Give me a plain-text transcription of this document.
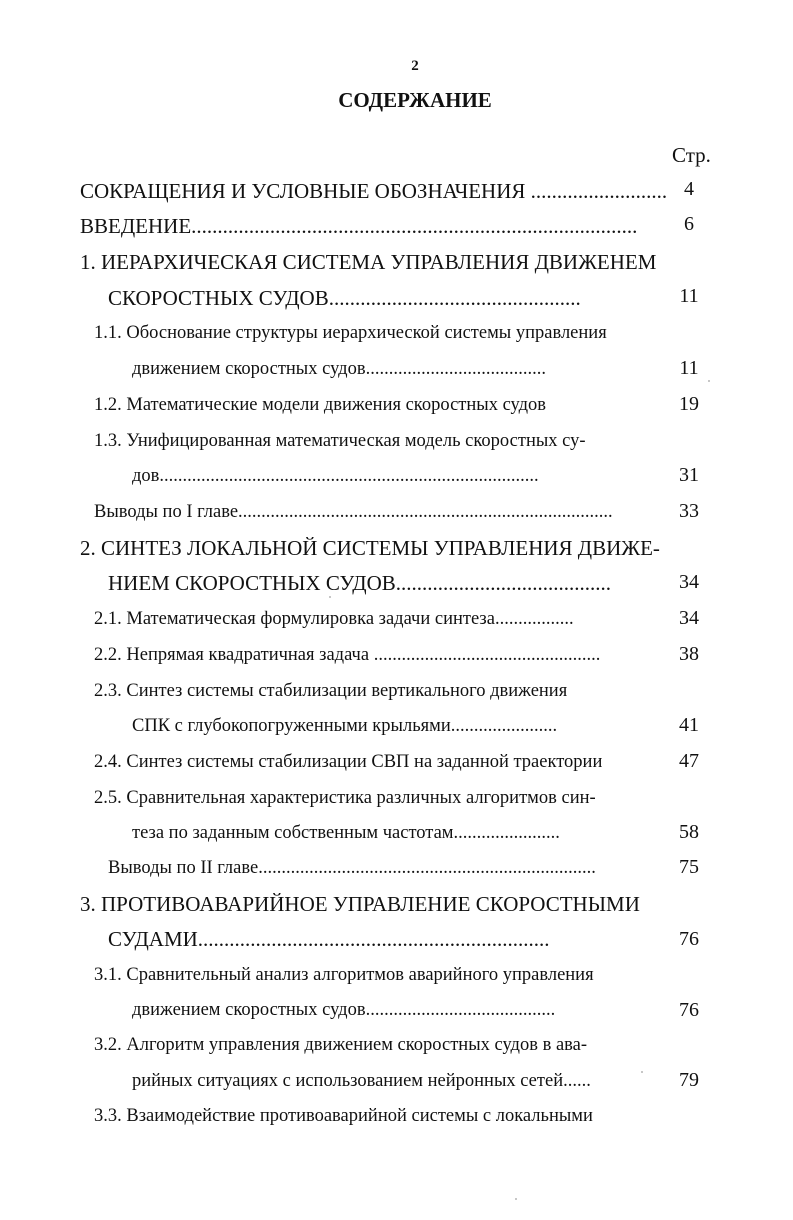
2
СОДЕРЖАНИЕ
Стр.
СОКРАЩЕНИЯ И УСЛОВНЫЕ ОБОЗНАЧЕНИЯ .......................... 4
ВВЕДЕНИЕ.....................................................................................	6
1. ИЕРАРХИЧЕСКАЯ СИСТЕМА УПРАВЛЕНИЯ ДВИЖЕНЕМ
СКОРОСТНЫХ СУДОВ................................................	11
1.1. Обоснование структуры иерархической системы управления
движением скоростных судов.......................................	11
1.2. Математические модели движения скоростных судов	19
1.3. Унифицированная математическая модель скоростных су-
дов..................................................................................	31
Выводы по I главе.................................................................................	33
2. СИНТЕЗ ЛОКАЛЬНОЙ СИСТЕМЫ УПРАВЛЕНИЯ ДВИЖЕ-
НИЕМ СКОРОСТНЫХ СУДОВ.........................................	34
2.1. Математическая формулировка задачи синтеза.................	34
2.2. Непрямая квадратичная задача .................................................	38
2.3. Синтез системы стабилизации вертикального движения
СПК с глубокопогруженными крыльями.......................	41
2.4. Синтез системы стабилизации СВП на заданной траектории	47
2.5. Сравнительная характеристика различных алгоритмов син-
теза по заданным собственным частотам.......................	58
Выводы по II главе.........................................................................	75
3. ПРОТИВОАВАРИЙНОЕ УПРАВЛЕНИЕ СКОРОСТНЫМИ
СУДАМИ...................................................................	76
3.1. Сравнительный анализ алгоритмов аварийного управления
движением скоростных судов.........................................	76
3.2. Алгоритм управления движением скоростных судов в ава-
рийных ситуациях с использованием нейронных сетей......	79
3.3. Взаимодействие противоаварийной системы с локальными
